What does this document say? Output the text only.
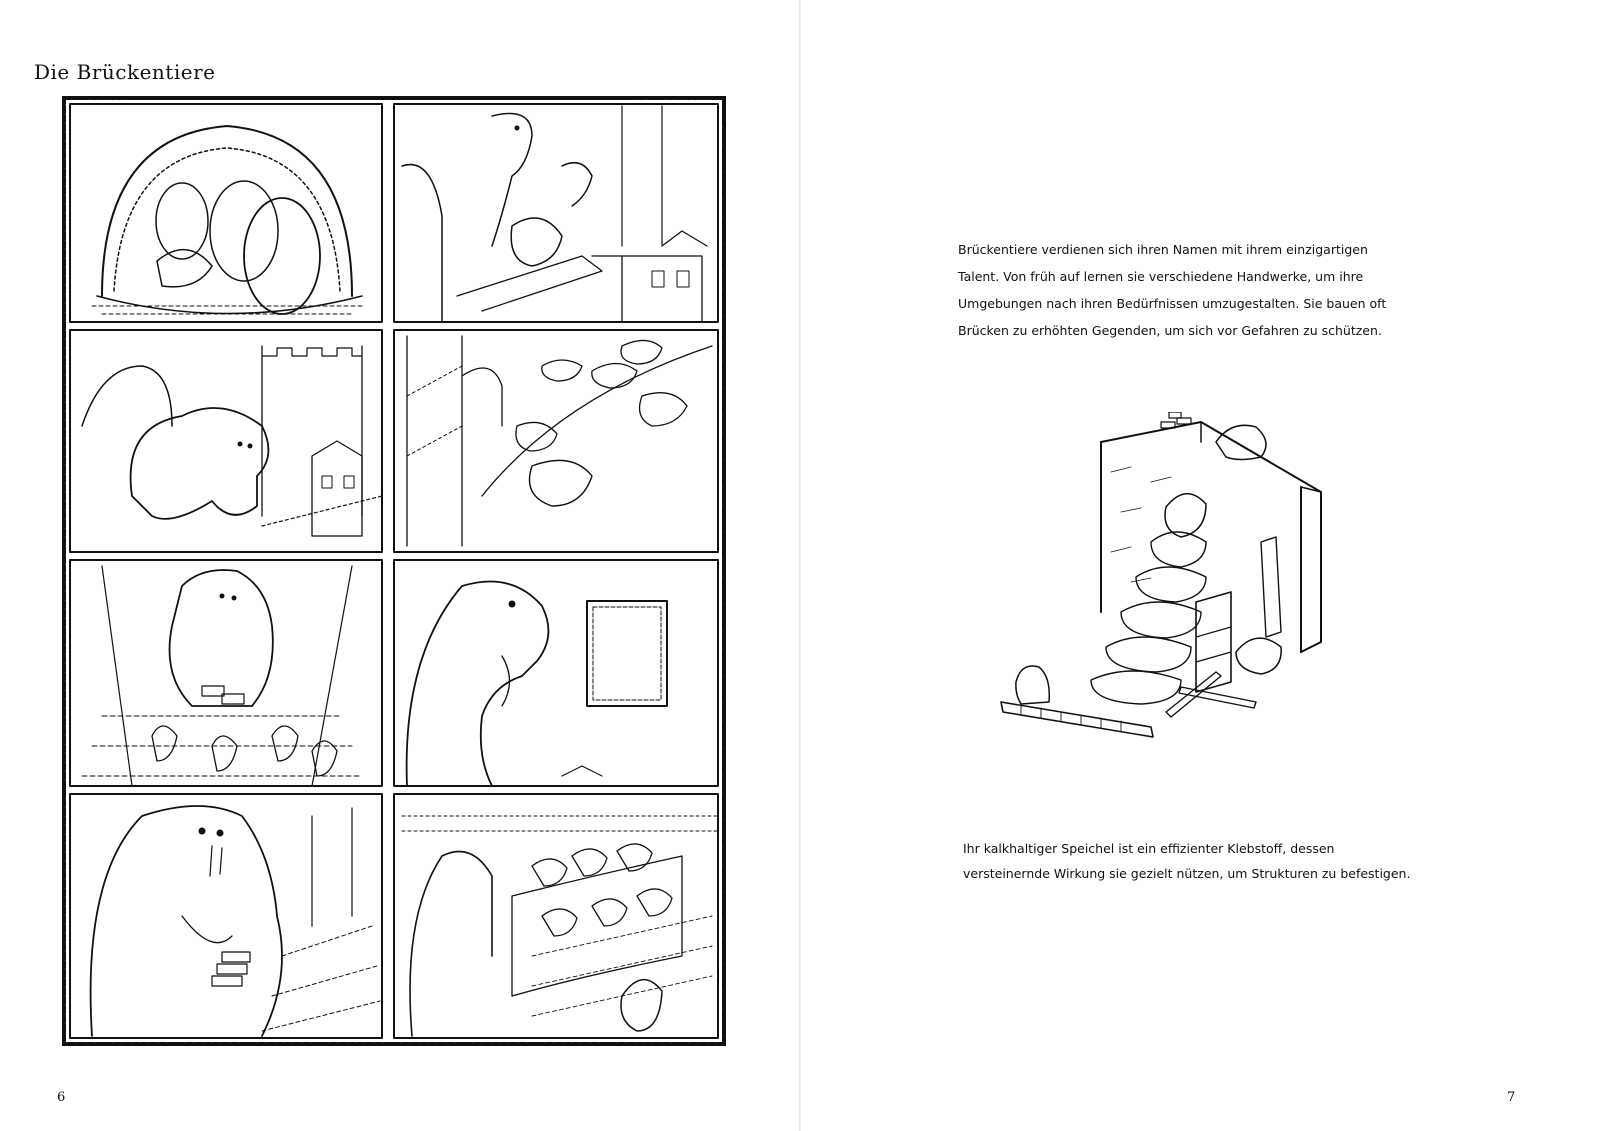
Die Brückentiere
6

Brückentiere verdienen sich ihren Namen mit ihrem einzigartigen
Talent. Von früh auf lernen sie verschiedene Handwerke, um ihre
Umgebungen nach ihren Bedürfnissen umzugestalten. Sie bauen oft
Brücken zu erhöhten Gegenden, um sich vor Gefahren zu schützen.

Ihr kalkhaltiger Speichel ist ein effizienter Klebstoff, dessen
versteinernde Wirkung sie gezielt nützen, um Strukturen zu befestigen.

7
